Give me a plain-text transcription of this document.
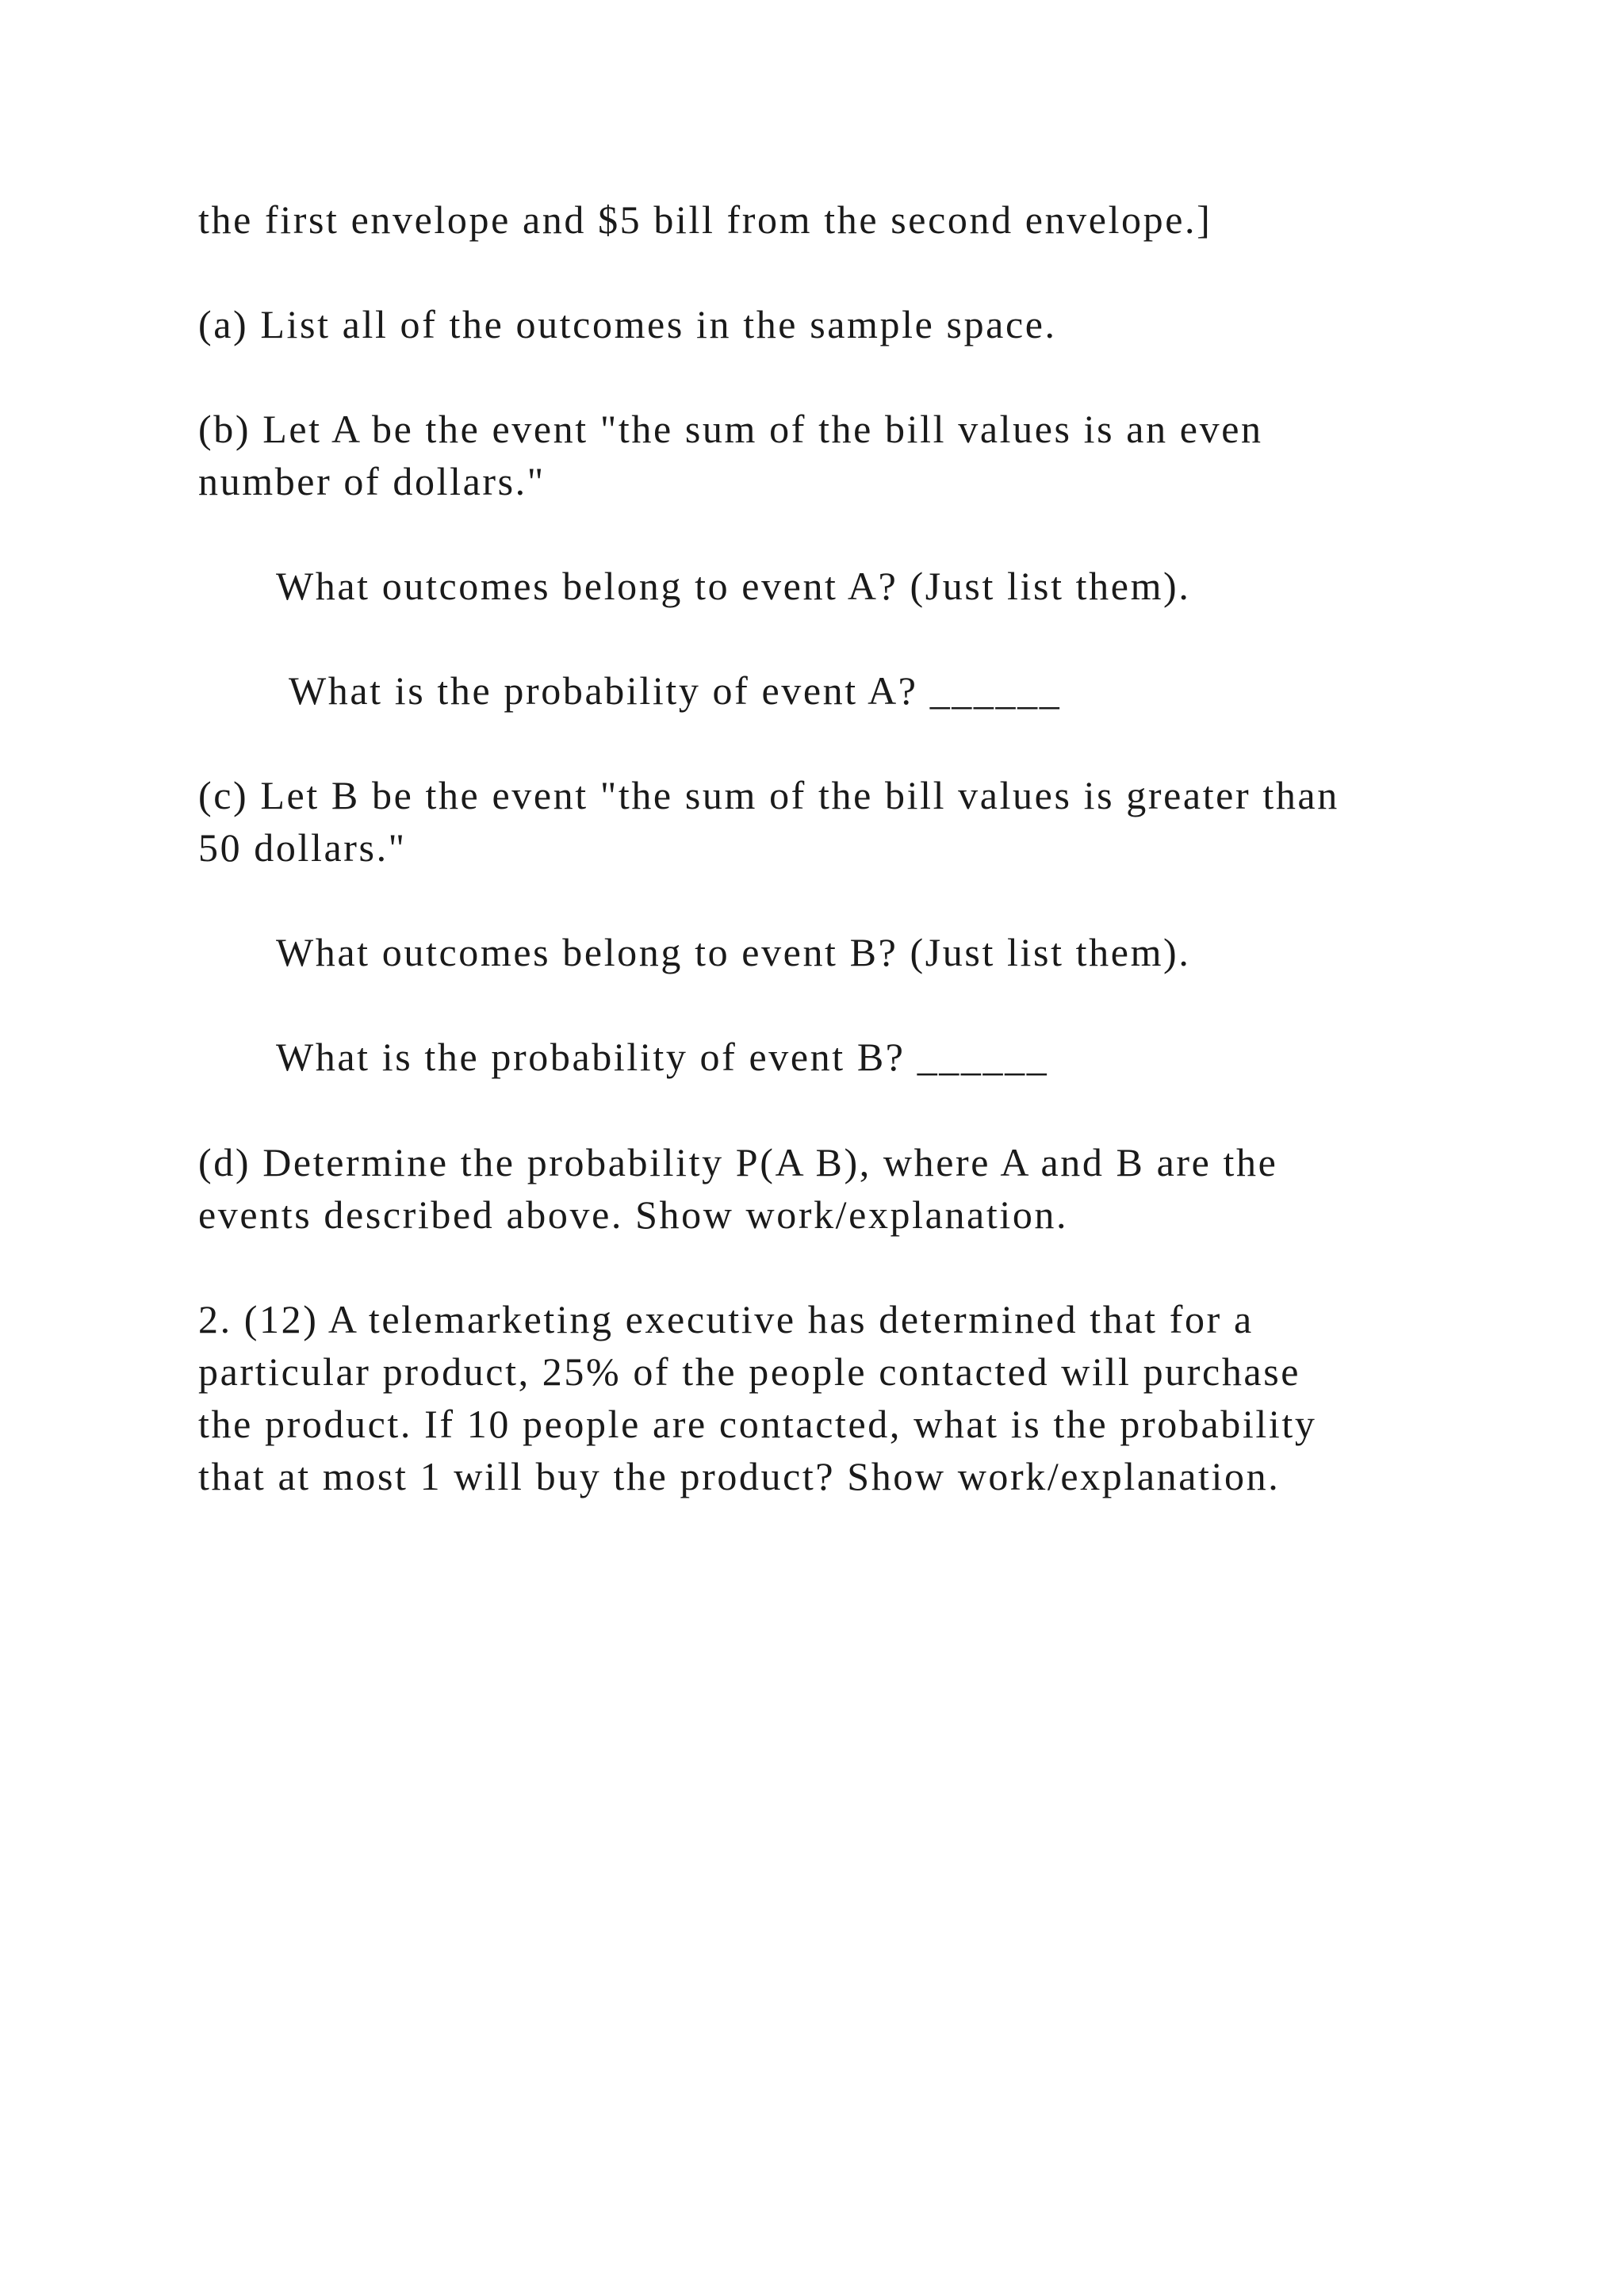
the first envelope and $5 bill from the second envelope.]
(a) List all of the outcomes in the sample space.
(b) Let A be the event "the sum of the bill values is an even
number of dollars."
What outcomes belong to event A? (Just list them).
What is the probability of event A? ______
(c) Let B be the event "the sum of the bill values is greater than
50 dollars."
What outcomes belong to event B? (Just list them).
What is the probability of event B? ______
(d) Determine the probability P(A B), where A and B are the
events described above. Show work/explanation.
2. (12) A telemarketing executive has determined that for a
particular product, 25% of the people contacted will purchase
the product. If 10 people are contacted, what is the probability
that at most 1 will buy the product? Show work/explanation.
